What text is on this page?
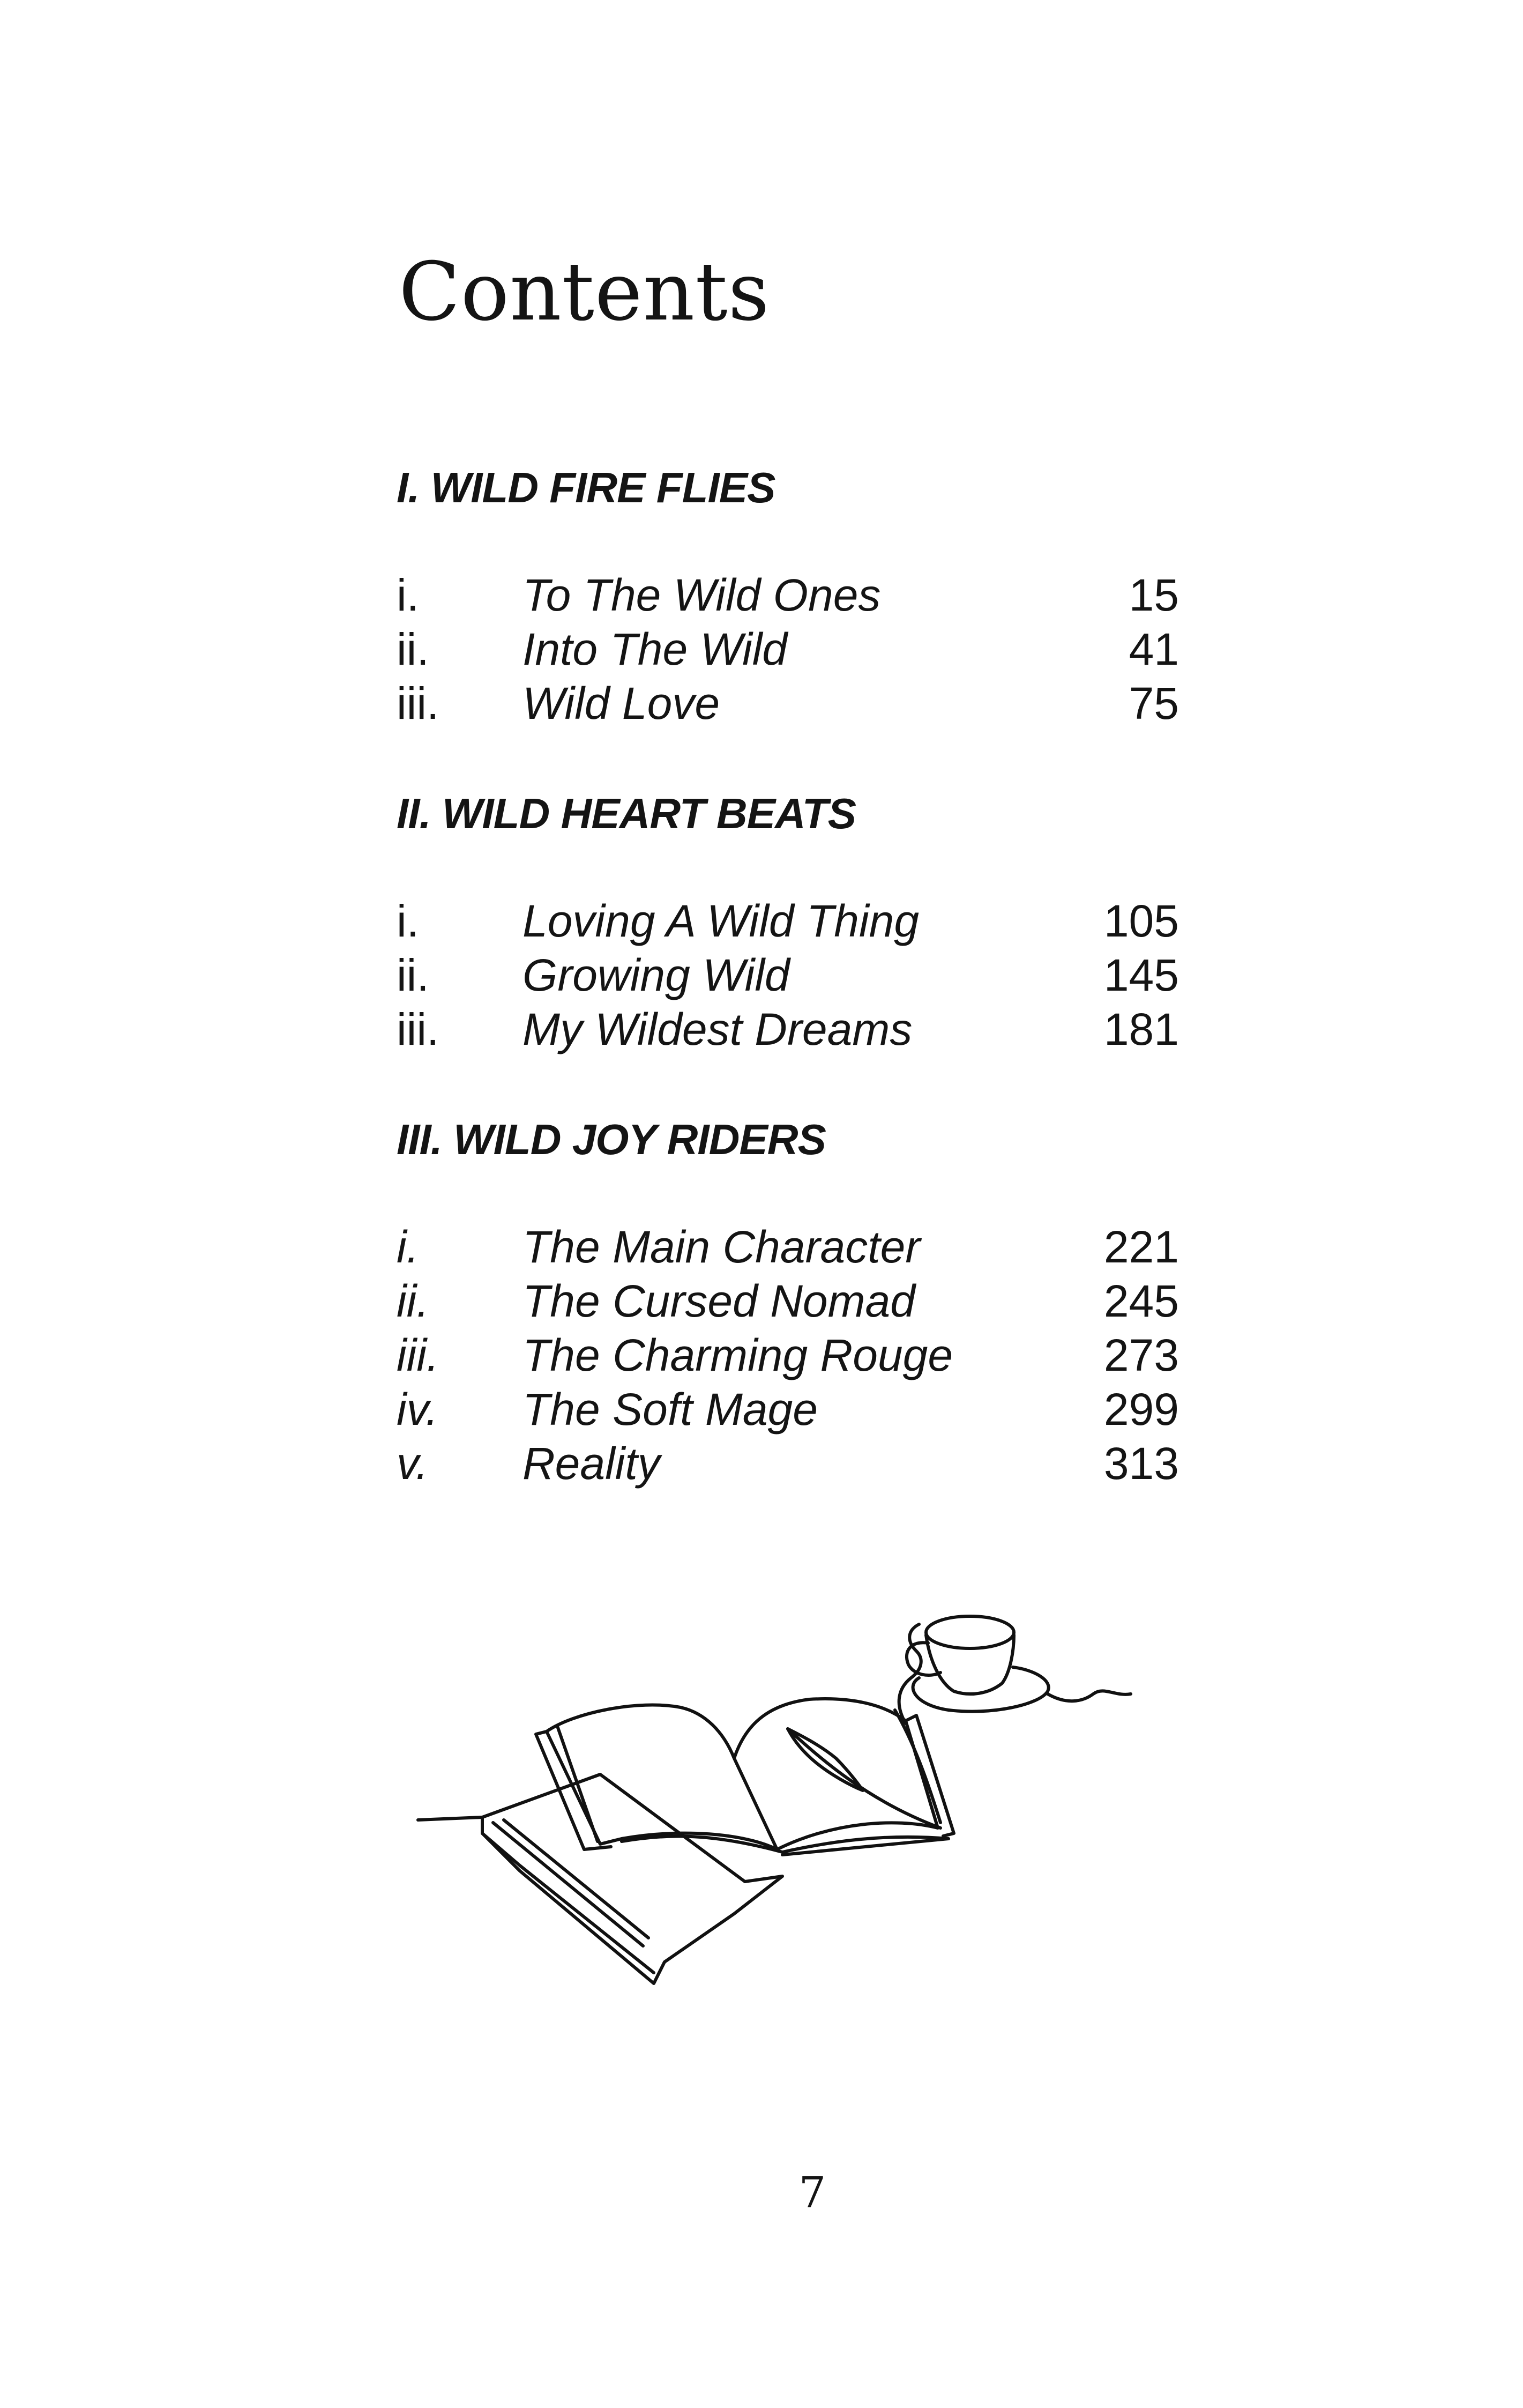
Contents
I. WILD FIRE FLIES
i.	To The Wild Ones	15
ii.	Into The Wild	41
iii.	Wild Love	75
II. WILD HEART BEATS
i.	Loving A Wild Thing	105
ii.	Growing Wild	145
iii.	My Wildest Dreams	181
III. WILD JOY RIDERS
i.	The Main Character	221
ii.	The Cursed Nomad	245
iii.	The Charming Rouge	273
iv.	The Soft Mage	299
v.	Reality	313
7
